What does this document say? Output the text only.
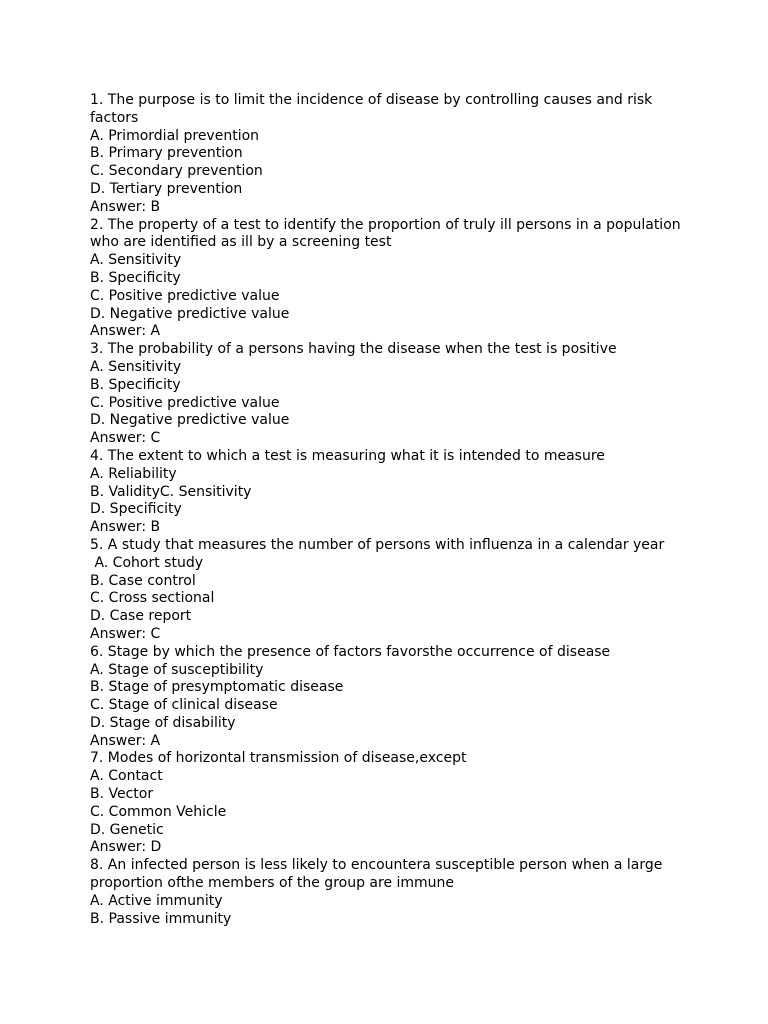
1. The purpose is to limit the incidence of disease by controlling causes and risk
factors
A. Primordial prevention
B. Primary prevention
C. Secondary prevention
D. Tertiary prevention
Answer: B
2. The property of a test to identify the proportion of truly ill persons in a population
who are identified as ill by a screening test
A. Sensitivity
B. Specificity
C. Positive predictive value
D. Negative predictive value
Answer: A
3. The probability of a persons having the disease when the test is positive
A. Sensitivity
B. Specificity
C. Positive predictive value
D. Negative predictive value
Answer: C
4. The extent to which a test is measuring what it is intended to measure
A. Reliability
B. ValidityC. Sensitivity
D. Specificity
Answer: B
5. A study that measures the number of persons with influenza in a calendar year
A. Cohort study
B. Case control
C. Cross sectional
D. Case report
Answer: C
6. Stage by which the presence of factors favorsthe occurrence of disease
A. Stage of susceptibility
B. Stage of presymptomatic disease
C. Stage of clinical disease
D. Stage of disability
Answer: A
7. Modes of horizontal transmission of disease,except
A. Contact
B. Vector
C. Common Vehicle
D. Genetic
Answer: D
8. An infected person is less likely to encountera susceptible person when a large
proportion ofthe members of the group are immune
A. Active immunity
B. Passive immunity
